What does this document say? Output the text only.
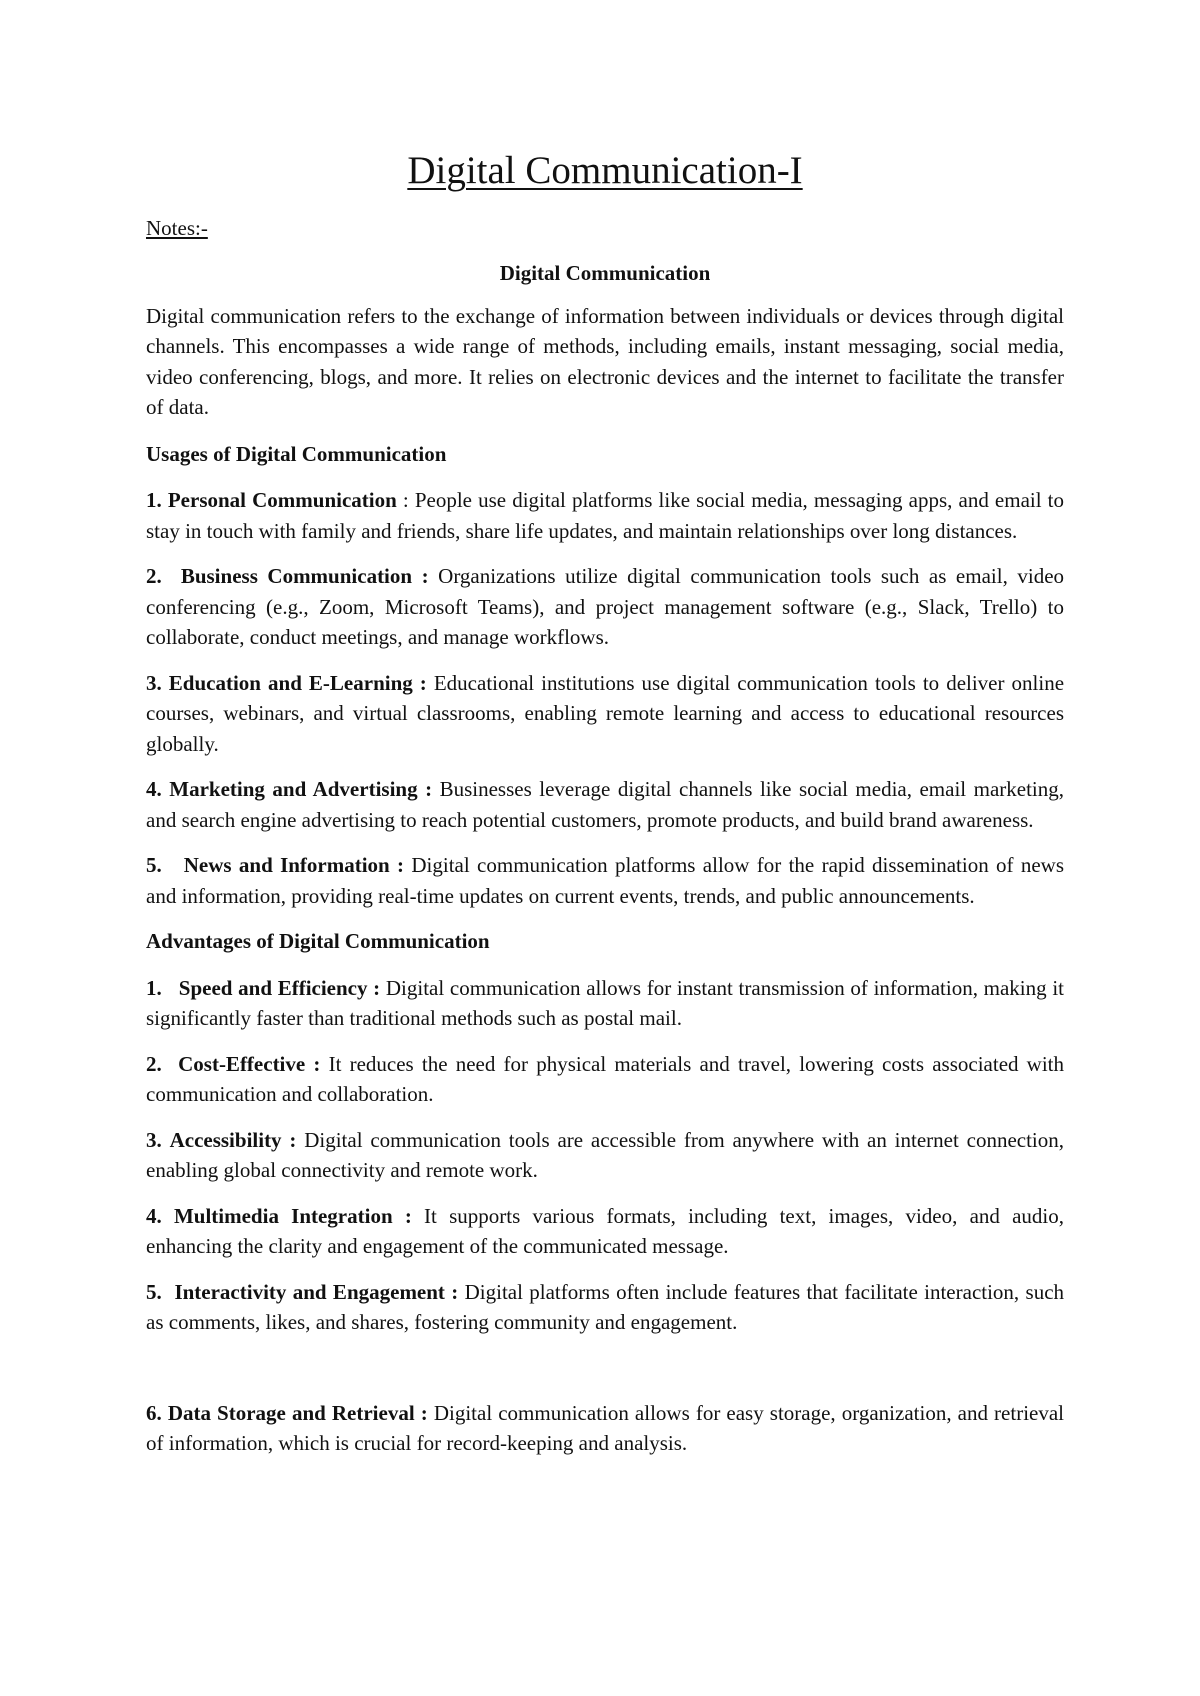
Digital Communication-I
Notes:-

Digital Communication

Digital communication refers to the exchange of information between individuals or devices through digital channels. This encompasses a wide range of methods, including emails, instant messaging, social media, video conferencing, blogs, and more. It relies on electronic devices and the internet to facilitate the transfer of data.

Usages of Digital Communication

1. Personal Communication : People use digital platforms like social media, messaging apps, and email to stay in touch with family and friends, share life updates, and maintain relationships over long distances.

2. Business Communication : Organizations utilize digital communication tools such as email, video conferencing (e.g., Zoom, Microsoft Teams), and project management software (e.g., Slack, Trello) to collaborate, conduct meetings, and manage workflows.

3. Education and E-Learning : Educational institutions use digital communication tools to deliver online courses, webinars, and virtual classrooms, enabling remote learning and access to educational resources globally.

4. Marketing and Advertising : Businesses leverage digital channels like social media, email marketing, and search engine advertising to reach potential customers, promote products, and build brand awareness.

5. News and Information : Digital communication platforms allow for the rapid dissemination of news and information, providing real-time updates on current events, trends, and public announcements.

Advantages of Digital Communication

1. Speed and Efficiency : Digital communication allows for instant transmission of information, making it significantly faster than traditional methods such as postal mail.

2. Cost-Effective : It reduces the need for physical materials and travel, lowering costs associated with communication and collaboration.

3. Accessibility : Digital communication tools are accessible from anywhere with an internet connection, enabling global connectivity and remote work.

4. Multimedia Integration : It supports various formats, including text, images, video, and audio, enhancing the clarity and engagement of the communicated message.

5. Interactivity and Engagement : Digital platforms often include features that facilitate interaction, such as comments, likes, and shares, fostering community and engagement.

6. Data Storage and Retrieval : Digital communication allows for easy storage, organization, and retrieval of information, which is crucial for record-keeping and analysis.
